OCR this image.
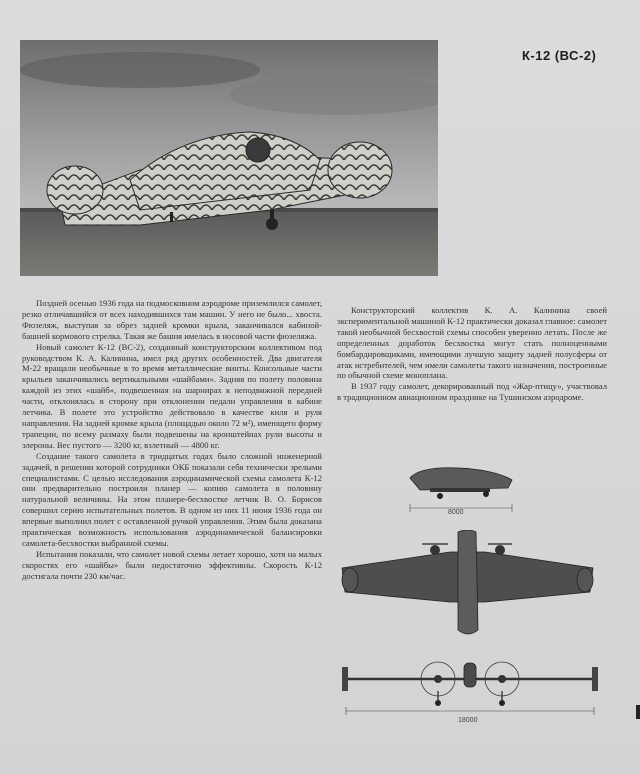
К-12 (ВС-2)

Поздней осенью 1936 года на подмосковном аэродроме приземлился самолет, резко отличавшийся от всех находившихся там машин. У него не было... хвоста. Фюзеляж, выступая за обрез задней кромки крыла, заканчивался кабиной-башней кормового стрелка. Такая же башня имелась в носовой части фюзеляжа.

Новый самолет К-12 (ВС-2), созданный конструкторским коллективом под руководством К. А. Калинина, имел ряд других особенностей. Два двигателя М-22 вращали необычные в то время металлические винты. Консольные части крыльев заканчивались вертикальными «шайбами». Задняя по полету половина каждой из этих «шайб», подвешенная на шарнирах к неподвижной передней части, отклонялась в сторону при отклонении педали управления в кабине летчика. В полете это устройство действовало в качестве киля и руля направления. На задней кромке крыла (площадью около 72 м²), имеющего форму трапеции, по всему размаху были подвешены на кронштейнах рули высоты и элероны. Вес пустого — 3200 кг, взлетный — 4800 кг.

Создание такого самолета в тридцатых годах было сложной инженерной задачей, в решении которой сотрудники ОКБ показали себя технически зрелыми специалистами. С целью исследования аэродинамической схемы самолета К-12 они предварительно построили планер — копию самолета в половину натуральной величины. На этом планере-бесхвостке летчик В. О. Борисов совершил серию испытательных полетов. В одном из них 11 июня 1936 года он впервые выполнил полет с оставленной ручкой управления. Этим была доказана практическая возможность использования аэродинамической балансировки самолета-бесхвостки выбранной схемы.

Испытания показали, что самолет новой схемы летает хорошо, хотя на малых скоростях его «шайбы» были недостаточно эффективны. Скорость К-12 достигала почти 230 км/час.

Конструкторский коллектив К. А. Калинина своей экспериментальной машиной К-12 практически доказал главное: самолет такой необычной бесхвостой схемы способен уверенно летать. После же определенных доработок бесхвостка могут стать полноценными бомбардировщиками, имеющими лучшую защиту задней полусферы от атак истребителей, чем имели самолеты такого назначения, построенные по обычной схеме моноплана.

В 1937 году самолет, декорированный под «Жар-птицу», участвовал в традиционном авиационном празднике на Тушинском аэродроме.

8000
18000
